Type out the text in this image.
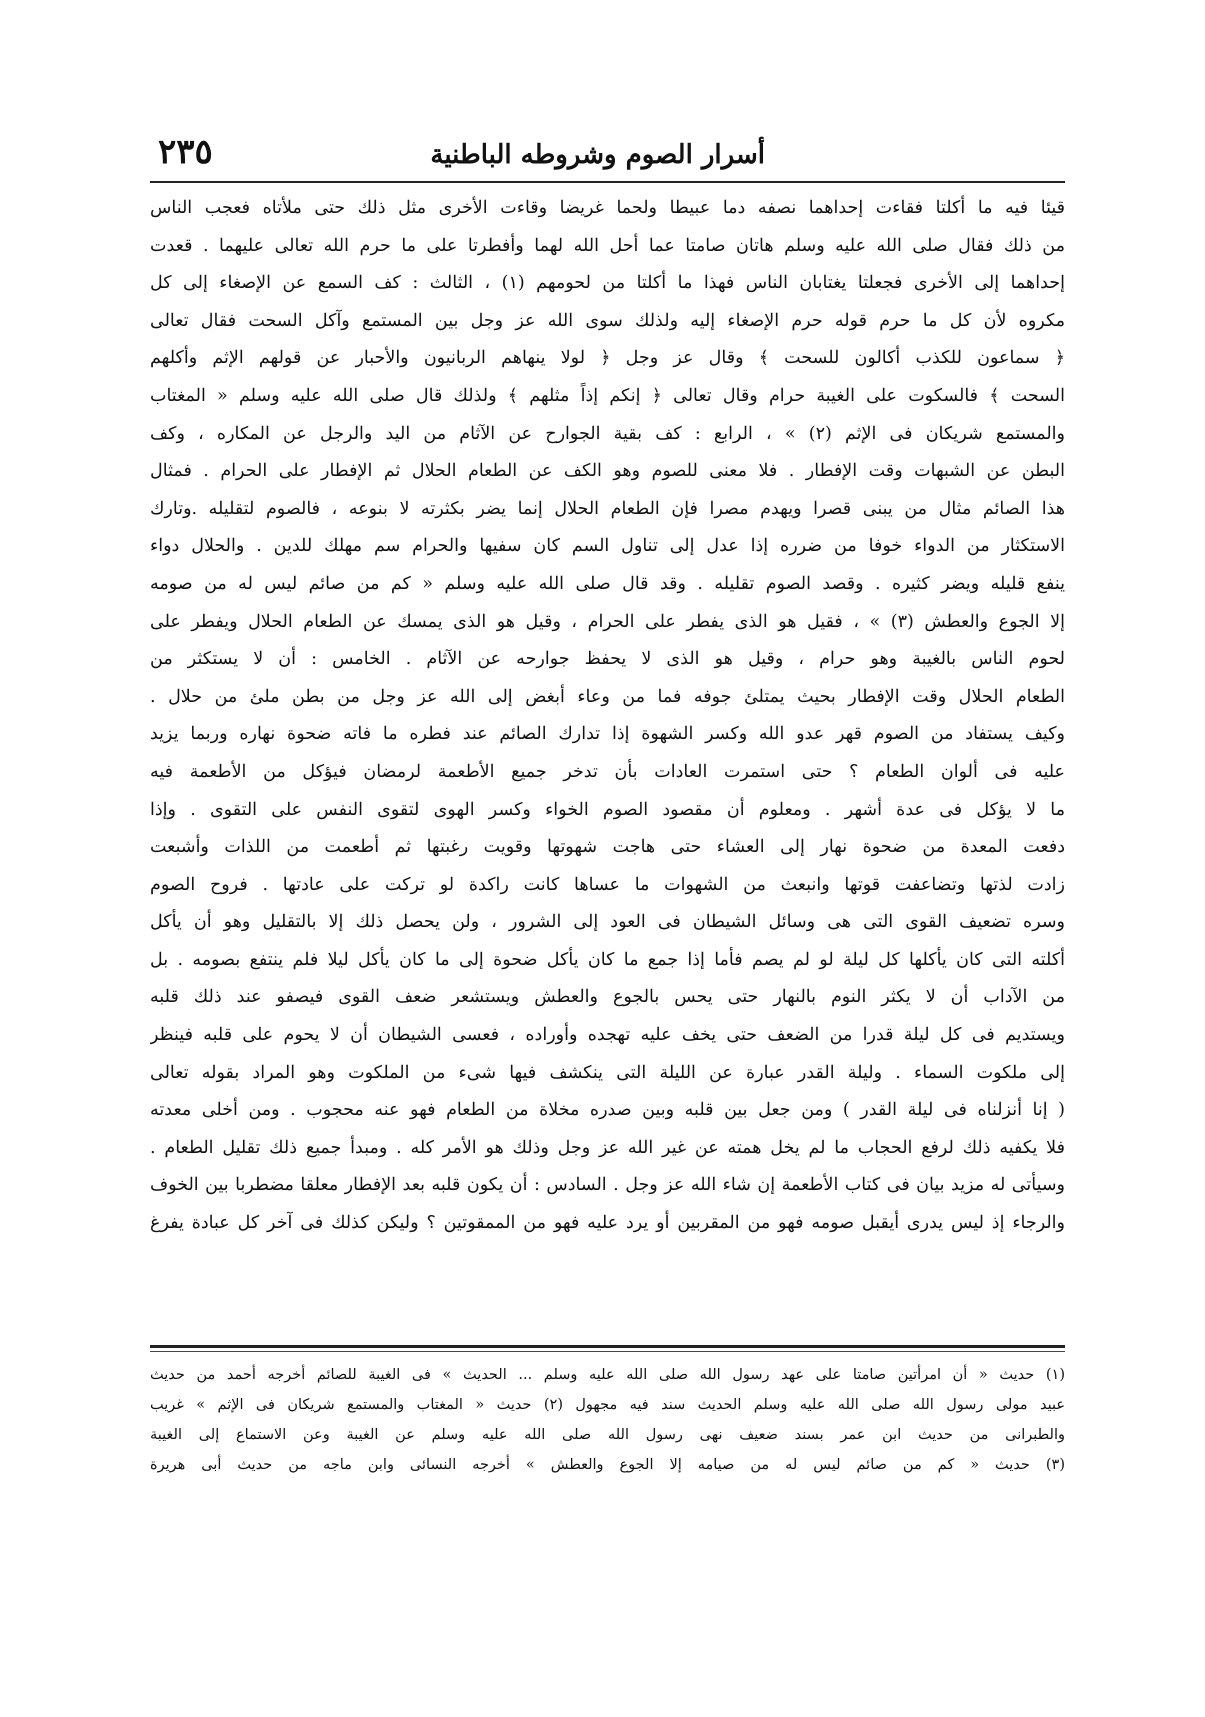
أسرار الصوم وشروطه الباطنية
٢٣٥
قيئا فيه ما أكلتا فقاءت إحداهما نصفه دما عبيطا ولحما غريضا وقاءت الأخرى مثل ذلك حتى ملأتاه فعجب الناس
من ذلك فقال صلى الله عليه وسلم هاتان صامتا عما أحل الله لهما وأفطرتا على ما حرم الله تعالى عليهما . قعدت
إحداهما إلى الأخرى فجعلتا يغتابان الناس فهذا ما أكلتا من لحومهم (١) ، الثالث : كف السمع عن الإصغاء إلى كل
مكروه لأن كل ما حرم قوله حرم الإصغاء إليه ولذلك سوى الله عز وجل بين المستمع وآكل السحت فقال تعالى
﴿ سماعون للكذب أكالون للسحت ﴾ وقال عز وجل ﴿ لولا ينهاهم الربانيون والأحبار عن قولهم الإثم وأكلهم
السحت ﴾ فالسكوت على الغيبة حرام وقال تعالى ﴿ إنكم إذاً مثلهم ﴾ ولذلك قال صلى الله عليه وسلم « المغتاب
والمستمع شريكان فى الإثم (٢) » ، الرابع : كف بقية الجوارح عن الآثام من اليد والرجل عن المكاره ، وكف
البطن عن الشبهات وقت الإفطار . فلا معنى للصوم وهو الكف عن الطعام الحلال ثم الإفطار على الحرام . فمثال
هذا الصائم مثال من يبنى قصرا ويهدم مصرا فإن الطعام الحلال إنما يضر بكثرته لا بنوعه ، فالصوم لتقليله .وتارك
الاستكثار من الدواء خوفا من ضرره إذا عدل إلى تناول السم كان سفيها والحرام سم مهلك للدين . والحلال دواء
ينفع قليله ويضر كثيره . وقصد الصوم تقليله . وقد قال صلى الله عليه وسلم « كم من صائم ليس له من صومه
إلا الجوع والعطش (٣) » ، فقيل هو الذى يفطر على الحرام ، وقيل هو الذى يمسك عن الطعام الحلال ويفطر على
لحوم الناس بالغيبة وهو حرام ، وقيل هو الذى لا يحفظ جوارحه عن الآثام . الخامس : أن لا يستكثر من
الطعام الحلال وقت الإفطار بحيث يمتلئ جوفه فما من وعاء أبغض إلى الله عز وجل من بطن ملئ من حلال .
وكيف يستفاد من الصوم قهر عدو الله وكسر الشهوة إذا تدارك الصائم عند فطره ما فاته ضحوة نهاره وربما يزيد
عليه فى ألوان الطعام ؟ حتى استمرت العادات بأن تدخر جميع الأطعمة لرمضان فيؤكل من الأطعمة فيه
ما لا يؤكل فى عدة أشهر . ومعلوم أن مقصود الصوم الخواء وكسر الهوى لتقوى النفس على التقوى . وإذا
دفعت المعدة من ضحوة نهار إلى العشاء حتى هاجت شهوتها وقويت رغبتها ثم أطعمت من اللذات وأشبعت
زادت لذتها وتضاعفت قوتها وانبعث من الشهوات ما عساها كانت راكدة لو تركت على عادتها . فروح الصوم
وسره تضعيف القوى التى هى وسائل الشيطان فى العود إلى الشرور ، ولن يحصل ذلك إلا بالتقليل وهو أن يأكل
أكلته التى كان يأكلها كل ليلة لو لم يصم فأما إذا جمع ما كان يأكل ضحوة إلى ما كان يأكل ليلا فلم ينتفع بصومه . بل
من الآداب أن لا يكثر النوم بالنهار حتى يحس بالجوع والعطش ويستشعر ضعف القوى فيصفو عند ذلك قلبه
ويستديم فى كل ليلة قدرا من الضعف حتى يخف عليه تهجده وأوراده ، فعسى الشيطان أن لا يحوم على قلبه فينظر
إلى ملكوت السماء . وليلة القدر عبارة عن الليلة التى ينكشف فيها شىء من الملكوت وهو المراد بقوله تعالى
( إنا أنزلناه فى ليلة القدر ) ومن جعل بين قلبه وبين صدره مخلاة من الطعام فهو عنه محجوب . ومن أخلى معدته
فلا يكفيه ذلك لرفع الحجاب ما لم يخل همته عن غير الله عز وجل وذلك هو الأمر كله . ومبدأ جميع ذلك تقليل الطعام .
وسيأتى له مزيد بيان فى كتاب الأطعمة إن شاء الله عز وجل . السادس : أن يكون قلبه بعد الإفطار معلقا مضطربا بين الخوف
والرجاء إذ ليس يدرى أيقبل صومه فهو من المقربين أو يرد عليه فهو من الممقوتين ؟ وليكن كذلك فى آخر كل عبادة يفرغ
(١) حديث « أن امرأتين صامتا على عهد رسول الله صلى الله عليه وسلم ... الحديث » فى الغيبة للصائم أخرجه أحمد من حديث
عبيد مولى رسول الله صلى الله عليه وسلم الحديث سند فيه مجهول (٢) حديث « المغتاب والمستمع شريكان فى الإثم » غريب
والطبرانى من حديث ابن عمر بسند ضعيف نهى رسول الله صلى الله عليه وسلم عن الغيبة وعن الاستماع إلى الغيبة
(٣) حديث « كم من صائم ليس له من صيامه إلا الجوع والعطش » أخرجه النسائى وابن ماجه من حديث أبى هريرة
